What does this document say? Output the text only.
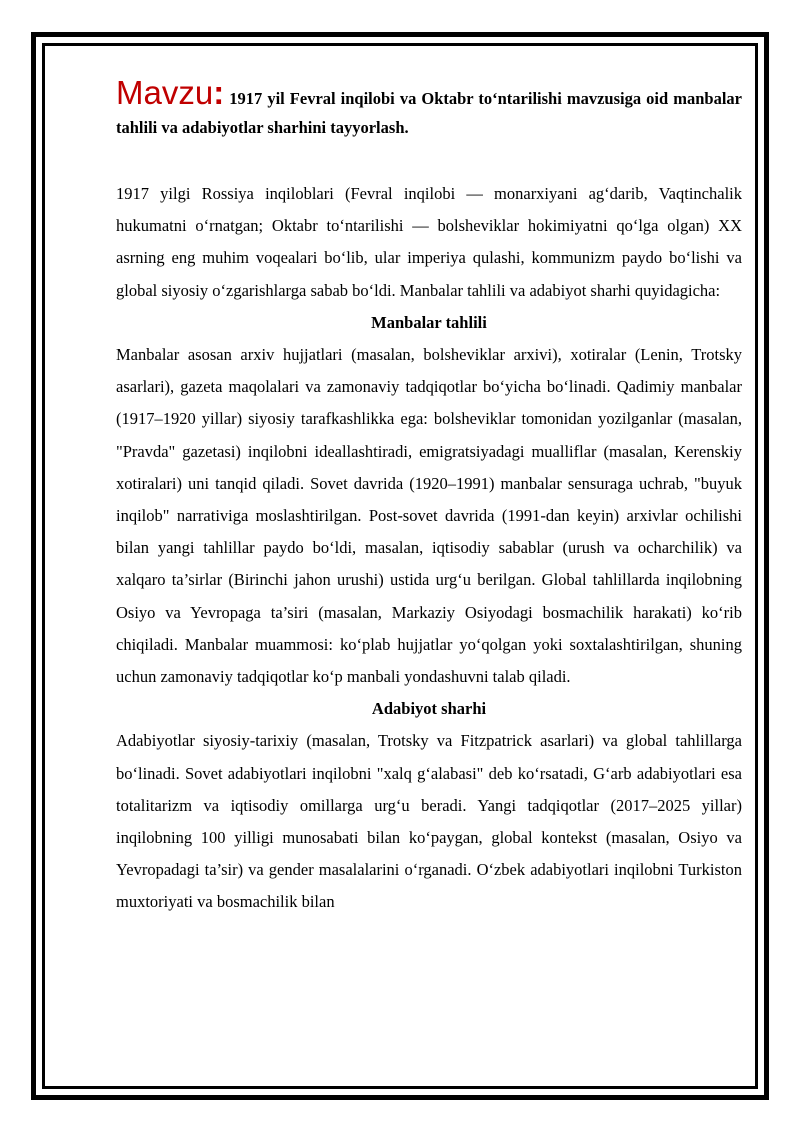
Mavzu: 1917 yil Fevral inqilobi va Oktabr to‘ntarilishi mavzusiga oid manbalar tahlili va adabiyotlar sharhini tayyorlash.

1917 yilgi Rossiya inqiloblari (Fevral inqilobi — monarxiyani ag‘darib, Vaqtinchalik hukumatni o‘rnatgan; Oktabr to‘ntarilishi — bolsheviklar hokimiyatni qo‘lga olgan) XX asrning eng muhim voqealari bo‘lib, ular imperiya qulashi, kommunizm paydo bo‘lishi va global siyosiy o‘zgarishlarga sabab bo‘ldi. Manbalar tahlili va adabiyot sharhi quyidagicha:

Manbalar tahlili

Manbalar asosan arxiv hujjatlari (masalan, bolsheviklar arxivi), xotiralar (Lenin, Trotsky asarlari), gazeta maqolalari va zamonaviy tadqiqotlar bo‘yicha bo‘linadi. Qadimiy manbalar (1917–1920 yillar) siyosiy tarafkashlikka ega: bolsheviklar tomonidan yozilganlar (masalan, "Pravda" gazetasi) inqilobni ideallashtiradi, emigratsiyadagi mualliflar (masalan, Kerenskiy xotiralari) uni tanqid qiladi. Sovet davrida (1920–1991) manbalar sensuraga uchrab, "buyuk inqilob" narrativiga moslashtirilgan. Post-sovet davrida (1991-dan keyin) arxivlar ochilishi bilan yangi tahlillar paydo bo‘ldi, masalan, iqtisodiy sabablar (urush va ocharchilik) va xalqaro ta’sirlar (Birinchi jahon urushi) ustida urg‘u berilgan. Global tahlillarda inqilobning Osiyo va Yevropaga ta’siri (masalan, Markaziy Osiyodagi bosmachilik harakati) ko‘rib chiqiladi. Manbalar muammosi: ko‘plab hujjatlar yo‘qolgan yoki soxtalashtirilgan, shuning uchun zamonaviy tadqiqotlar ko‘p manbali yondashuvni talab qiladi.

Adabiyot sharhi

Adabiyotlar siyosiy-tarixiy (masalan, Trotsky va Fitzpatrick asarlari) va global tahlillarga bo‘linadi. Sovet adabiyotlari inqilobni "xalq g‘alabasi" deb ko‘rsatadi, G‘arb adabiyotlari esa totalitarizm va iqtisodiy omillarga urg‘u beradi. Yangi tadqiqotlar (2017–2025 yillar) inqilobning 100 yilligi munosabati bilan ko‘paygan, global kontekst (masalan, Osiyo va Yevropadagi ta’sir) va gender masalalarini o‘rganadi. O‘zbek adabiyotlari inqilobni Turkiston muxtoriyati va bosmachilik bilan
